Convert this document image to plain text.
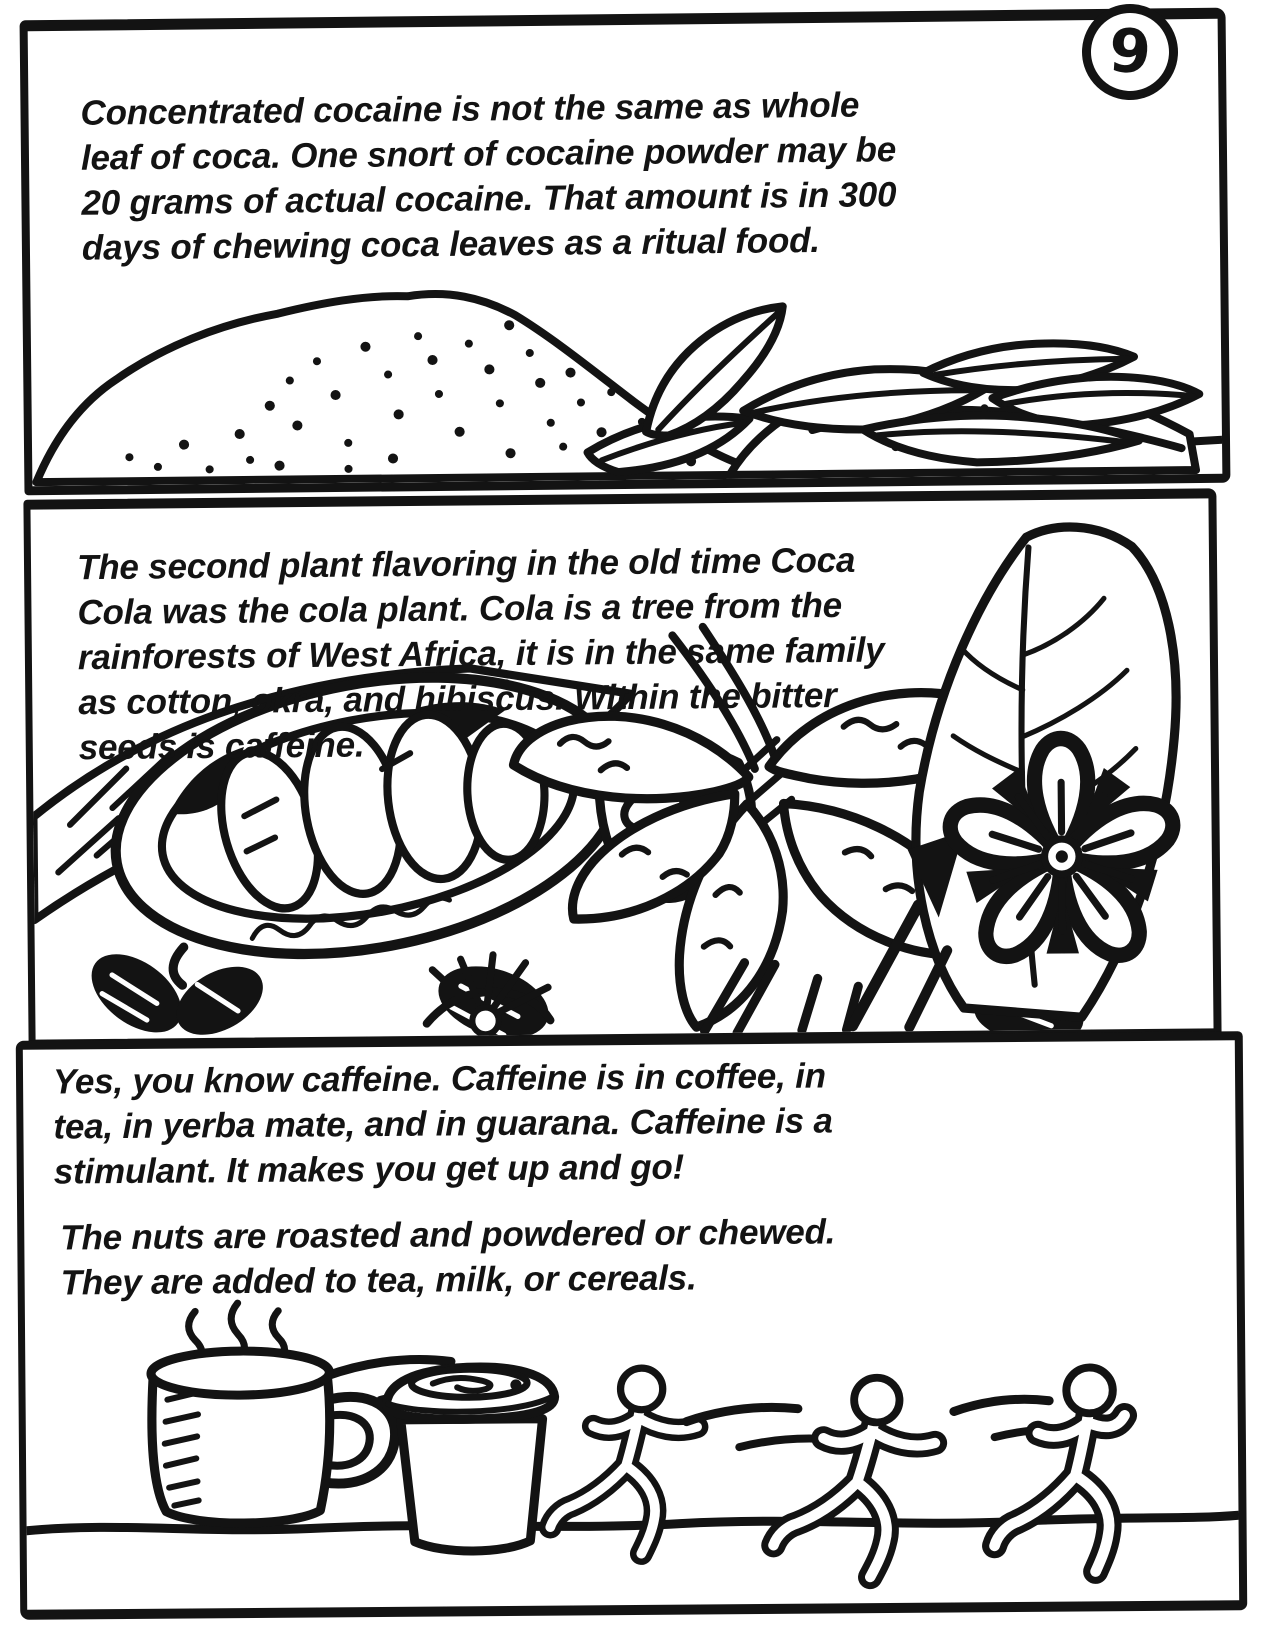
Concentrated cocaine is not the same as whole
leaf of coca. One snort of cocaine powder may be
20 grams of actual cocaine. That amount is in 300
days of chewing coca leaves as a ritual food.
9
The second plant flavoring in the old time Coca
Cola was the cola plant. Cola is a tree from the
rainforests of West Africa, it is in the same family
as cotton, okra, and hibiscus. Within the bitter
seeds is caffeine.
Yes, you know caffeine. Caffeine is in coffee, in
tea, in yerba mate, and in guarana. Caffeine is a
stimulant. It makes you get up and go!
The nuts are roasted and powdered or chewed.
They are added to tea, milk, or cereals.
